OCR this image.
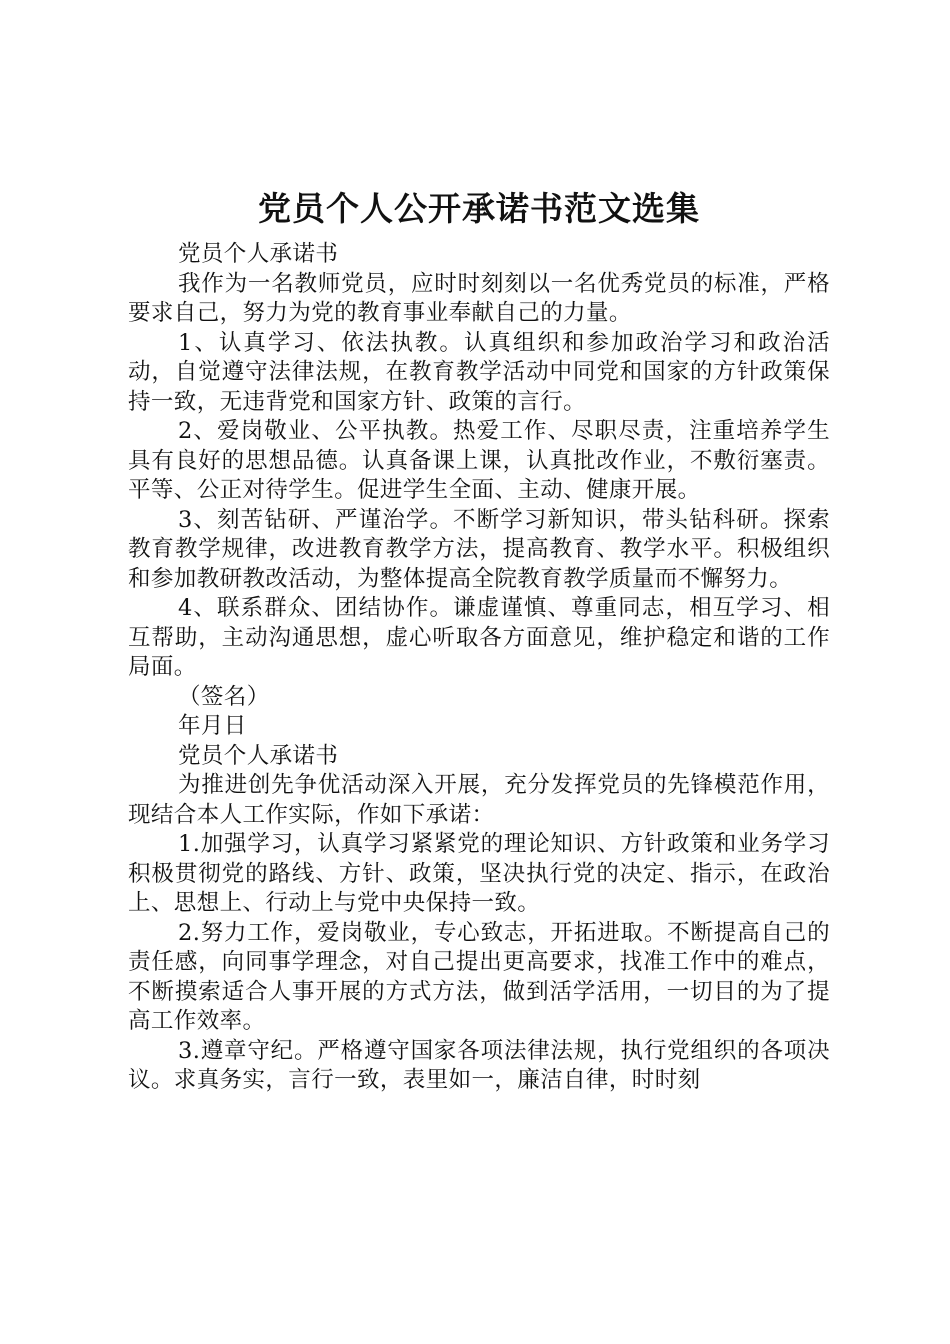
党员个人公开承诺书范文选集

党员个人承诺书

我作为一名教师党员，应时时刻刻以一名优秀党员的标准，严格要求自己，努力为党的教育事业奉献自己的力量。

1、认真学习、依法执教。认真组织和参加政治学习和政治活动，自觉遵守法律法规，在教育教学活动中同党和国家的方针政策保持一致，无违背党和国家方针、政策的言行。

2、爱岗敬业、公平执教。热爱工作、尽职尽责，注重培养学生具有良好的思想品德。认真备课上课，认真批改作业，不敷衍塞责。平等、公正对待学生。促进学生全面、主动、健康开展。

3、刻苦钻研、严谨治学。不断学习新知识，带头钻科研。探索教育教学规律，改进教育教学方法，提高教育、教学水平。积极组织和参加教研教改活动，为整体提高全院教育教学质量而不懈努力。

4、联系群众、团结协作。谦虚谨慎、尊重同志，相互学习、相互帮助，主动沟通思想，虚心听取各方面意见，维护稳定和谐的工作局面。

（签名）

年月日

党员个人承诺书

为推进创先争优活动深入开展，充分发挥党员的先锋模范作用，现结合本人工作实际，作如下承诺：

1.加强学习，认真学习紧紧党的理论知识、方针政策和业务学习积极贯彻党的路线、方针、政策，坚决执行党的决定、指示，在政治上、思想上、行动上与党中央保持一致。

2.努力工作，爱岗敬业，专心致志，开拓进取。不断提高自己的责任感，向同事学理念，对自己提出更高要求，找准工作中的难点，不断摸索适合人事开展的方式方法，做到活学活用，一切目的为了提高工作效率。

3.遵章守纪。严格遵守国家各项法律法规，执行党组织的各项决议。求真务实，言行一致，表里如一，廉洁自律，时时刻
